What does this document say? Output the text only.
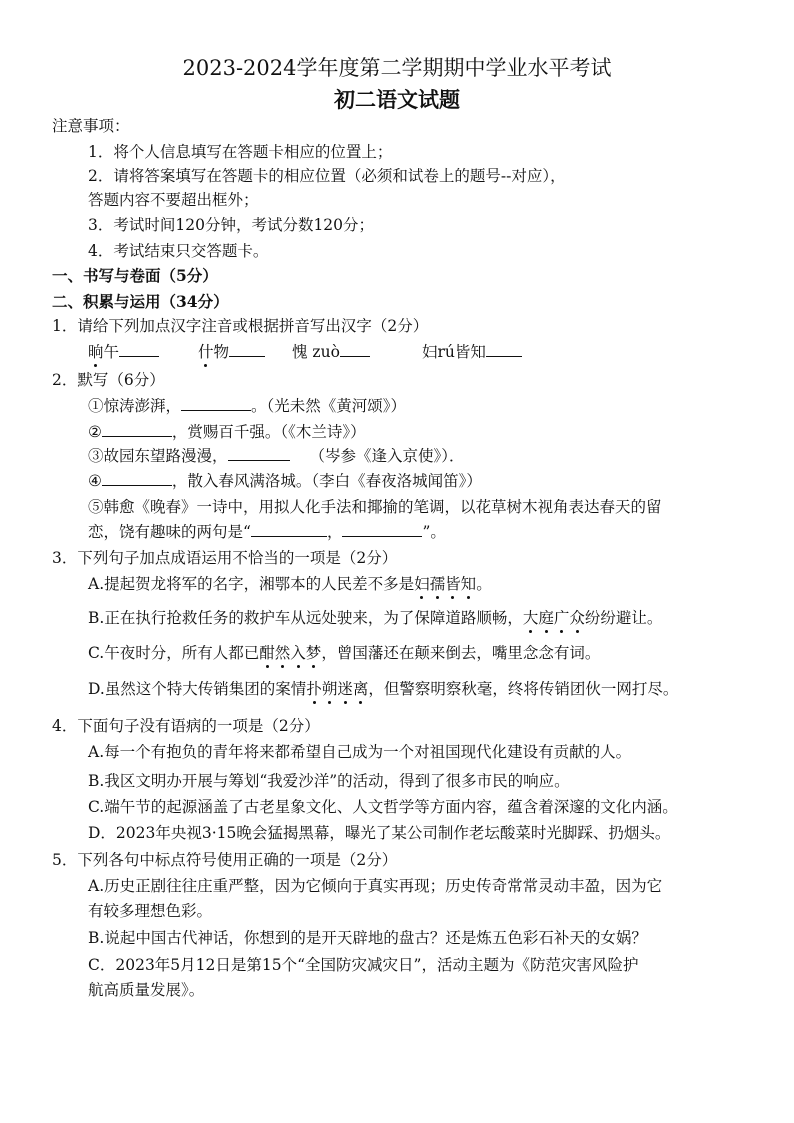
2023-2024学年度第二学期期中学业水平考试
初二语文试题
注意事项：
1．将个人信息填写在答题卡相应的位置上；
2．请将答案填写在答题卡的相应位置（必须和试卷上的题号--对应），
答题内容不要超出框外；
3．考试时间120分钟，考试分数120分；
4．考试结束只交答题卡。
一、书写与卷面（5分）
二、积累与运用（34分）
1．请给下列加点汉字注音或根据拼音写出汉字（2分）
晌午	什物	愧 zuò	妇rú皆知
2．默写（6分）
①惊涛澎湃，	。（光未然《黄河颂》）
②	，赏赐百千强。（《木兰诗》）
③故园东望路漫漫，	（岑参《逢入京使》）．
④	，散入春风满洛城。（李白《春夜洛城闻笛》）
⑤韩愈《晚春》一诗中，用拟人化手法和揶揄的笔调，以花草树木视角表达春天的留
恋，饶有趣味的两句是“	，	”。
3．下列句子加点成语运用不恰当的一项是（2分）
A.提起贺龙将军的名字，湘鄂本的人民差不多是妇孺皆知。
B.正在执行抢救任务的救护车从远处驶来，为了保障道路顺畅，大庭广众纷纷避让。
C.午夜时分，所有人都已酣然入梦，曾国藩还在颠来倒去，嘴里念念有词。
D.虽然这个特大传销集团的案情扑朔迷离，但警察明察秋毫，终将传销团伙一网打尽。
4．下面句子没有语病的一项是（2分）
A.每一个有抱负的青年将来都希望自己成为一个对祖国现代化建设有贡献的人。
B.我区文明办开展与筹划“我爱沙洋”的活动，得到了很多市民的响应。
C.端午节的起源涵盖了古老星象文化、人文哲学等方面内容，蕴含着深邃的文化内涵。
D．2023年央视3·15晚会猛揭黑幕，曝光了某公司制作老坛酸菜时光脚踩、扔烟头。
5．下列各句中标点符号使用正确的一项是（2分）
A.历史正剧往往庄重严整，因为它倾向于真实再现；历史传奇常常灵动丰盈，因为它
有较多理想色彩。
B.说起中国古代神话，你想到的是开天辟地的盘古？还是炼五色彩石补天的女娲？
C．2023年5月12日是第15个“全国防灾减灾日”，活动主题为《防范灾害风险护
航高质量发展》。
